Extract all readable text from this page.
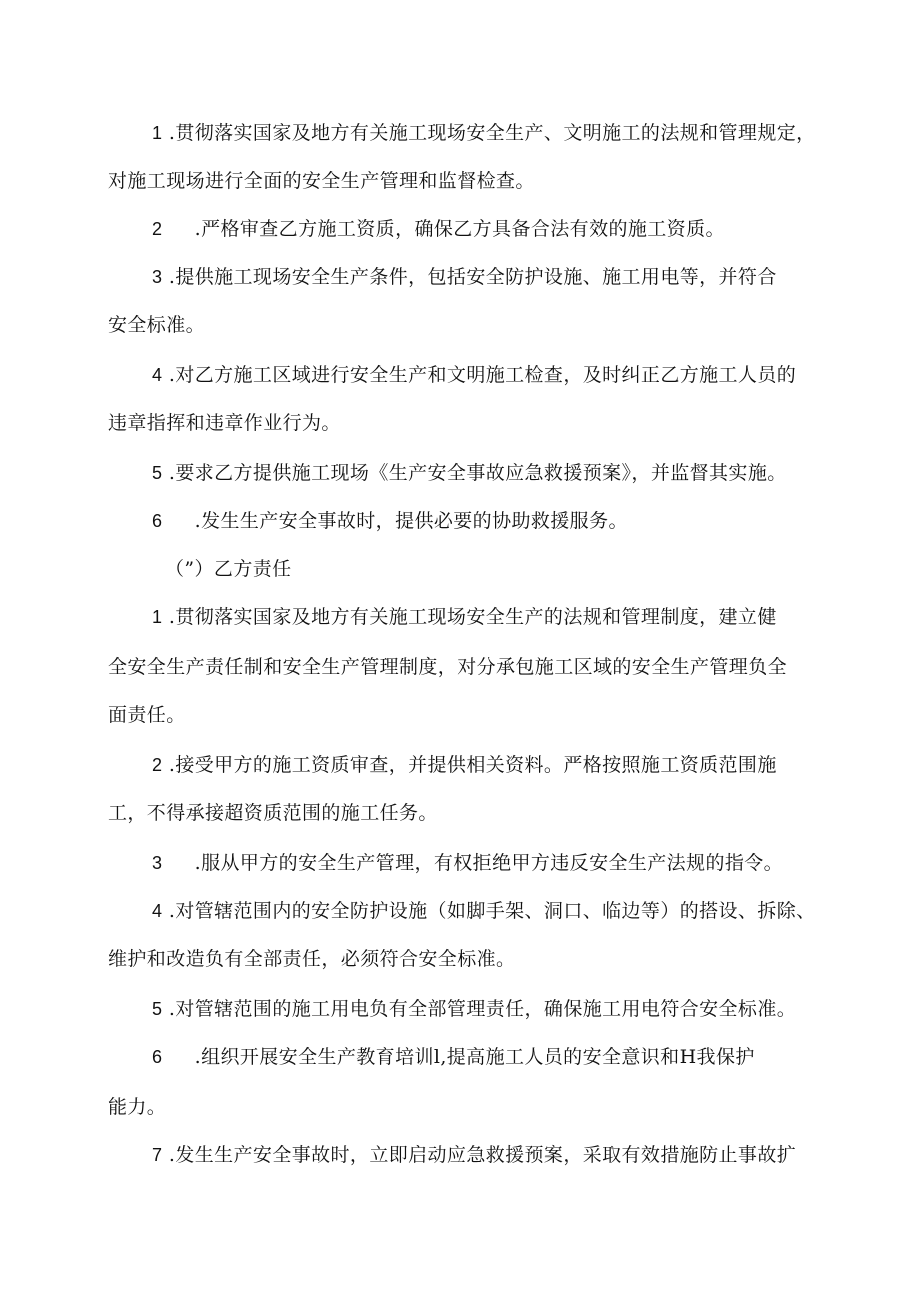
1 .贯彻落实国家及地方有关施工现场安全生产、文明施工的法规和管理规定，
对施工现场进行全面的安全生产管理和监督检查。
2     .严格审查乙方施工资质，确保乙方具备合法有效的施工资质。
3 .提供施工现场安全生产条件，包括安全防护设施、施工用电等，并符合
安全标准。
4 .对乙方施工区域进行安全生产和文明施工检查，及时纠正乙方施工人员的
违章指挥和违章作业行为。
5 .要求乙方提供施工现场《生产安全事故应急救援预案》，并监督其实施。
6     .发生生产安全事故时，提供必要的协助救援服务。
（”）乙方责任
1 .贯彻落实国家及地方有关施工现场安全生产的法规和管理制度，建立健
全安全生产责任制和安全生产管理制度，对分承包施工区域的安全生产管理负全
面责任。
2 .接受甲方的施工资质审查，并提供相关资料。严格按照施工资质范围施
工，不得承接超资质范围的施工任务。
3     .服从甲方的安全生产管理，有权拒绝甲方违反安全生产法规的指令。
4 .对管辖范围内的安全防护设施（如脚手架、洞口、临边等）的搭设、拆除、
维护和改造负有全部责任，必须符合安全标准。
5 .对管辖范围的施工用电负有全部管理责任，确保施工用电符合安全标准。
6     .组织开展安全生产教育培训l,提高施工人员的安全意识和H我保护
能力。
7 .发生生产安全事故时，立即启动应急救援预案，采取有效措施防止事故扩
